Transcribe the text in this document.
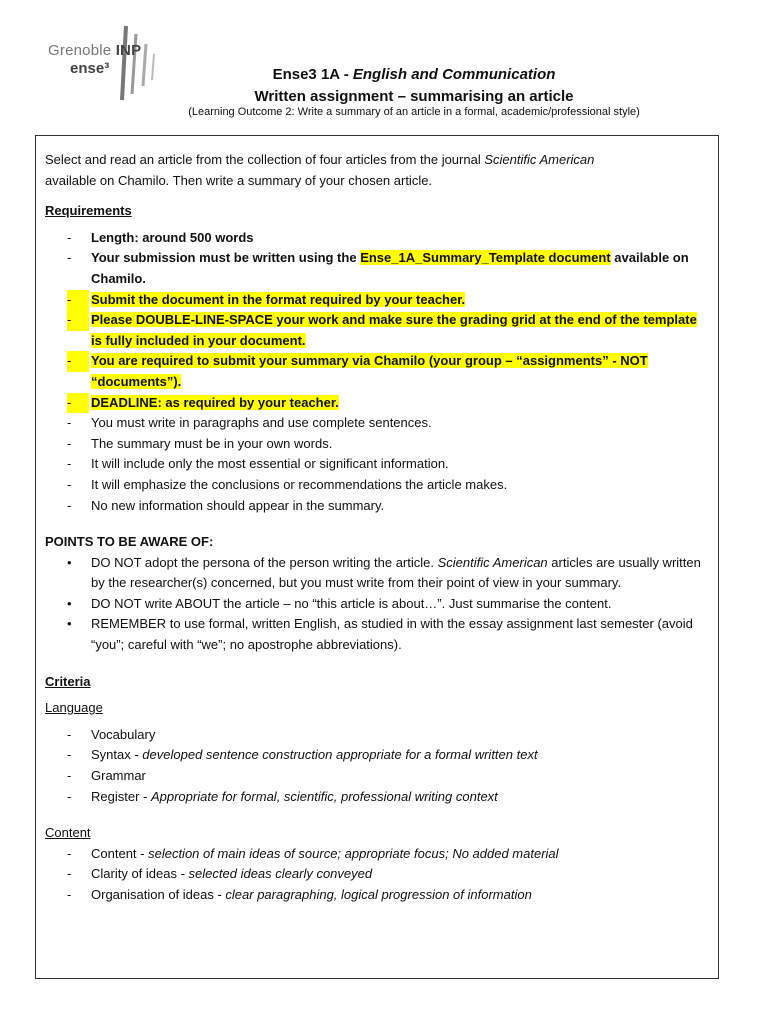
Grenoble INP
ense³	Ense3 1A - English and Communication
Written assignment – summarising an article
(Learning Outcome 2: Write a summary of an article in a formal, academic/professional style)

Select and read an article from the collection of four articles from the journal Scientific American
available on Chamilo. Then write a summary of your chosen article.

Requirements
- Length: around 500 words
- Your submission must be written using the Ense_1A_Summary_Template document available on Chamilo.
-	Submit the document in the format required by your teacher.
-	Please DOUBLE-LINE-SPACE your work and make sure the grading grid at the end of the template is fully included in your document.
-	You are required to submit your summary via Chamilo (your group – “assignments” - NOT “documents”).
-	DEADLINE: as required by your teacher.
- You must write in paragraphs and use complete sentences.
- The summary must be in your own words.
- It will include only the most essential or significant information.
- It will emphasize the conclusions or recommendations the article makes.
- No new information should appear in the summary.
POINTS TO BE AWARE OF:
• DO NOT adopt the persona of the person writing the article. Scientific American articles are usually written by the researcher(s) concerned, but you must write from their point of view in your summary.
• DO NOT write ABOUT the article – no “this article is about…”. Just summarise the content.
• REMEMBER to use formal, written English, as studied in with the essay assignment last semester (avoid “you”; careful with “we”; no apostrophe abbreviations).
Criteria
Language
- Vocabulary
- Syntax - developed sentence construction appropriate for a formal written text
- Grammar
- Register - Appropriate for formal, scientific, professional writing context
Content
- Content - selection of main ideas of source; appropriate focus; No added material
- Clarity of ideas - selected ideas clearly conveyed
- Organisation of ideas - clear paragraphing, logical progression of information
